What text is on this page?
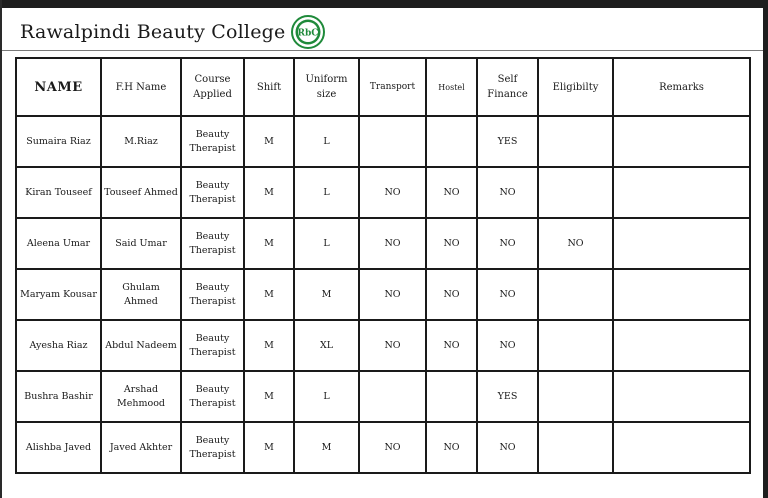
Rawalpindi Beauty College RbC
NAME	F.H Name	Course Applied	Shift	Uniform size	Transport	Hostel	Self Finance	Eligibilty	Remarks
Sumaira Riaz	M.Riaz	Beauty Therapist	M	L			YES		
Kiran Touseef	Touseef Ahmed	Beauty Therapist	M	L	NO	NO	NO		
Aleena Umar	Said Umar	Beauty Therapist	M	L	NO	NO	NO	NO	
Maryam Kousar	Ghulam Ahmed	Beauty Therapist	M	M	NO	NO	NO		
Ayesha Riaz	Abdul Nadeem	Beauty Therapist	M	XL	NO	NO	NO		
Bushra Bashir	Arshad Mehmood	Beauty Therapist	M	L			YES		
Alishba Javed	Javed Akhter	Beauty Therapist	M	M	NO	NO	NO		
